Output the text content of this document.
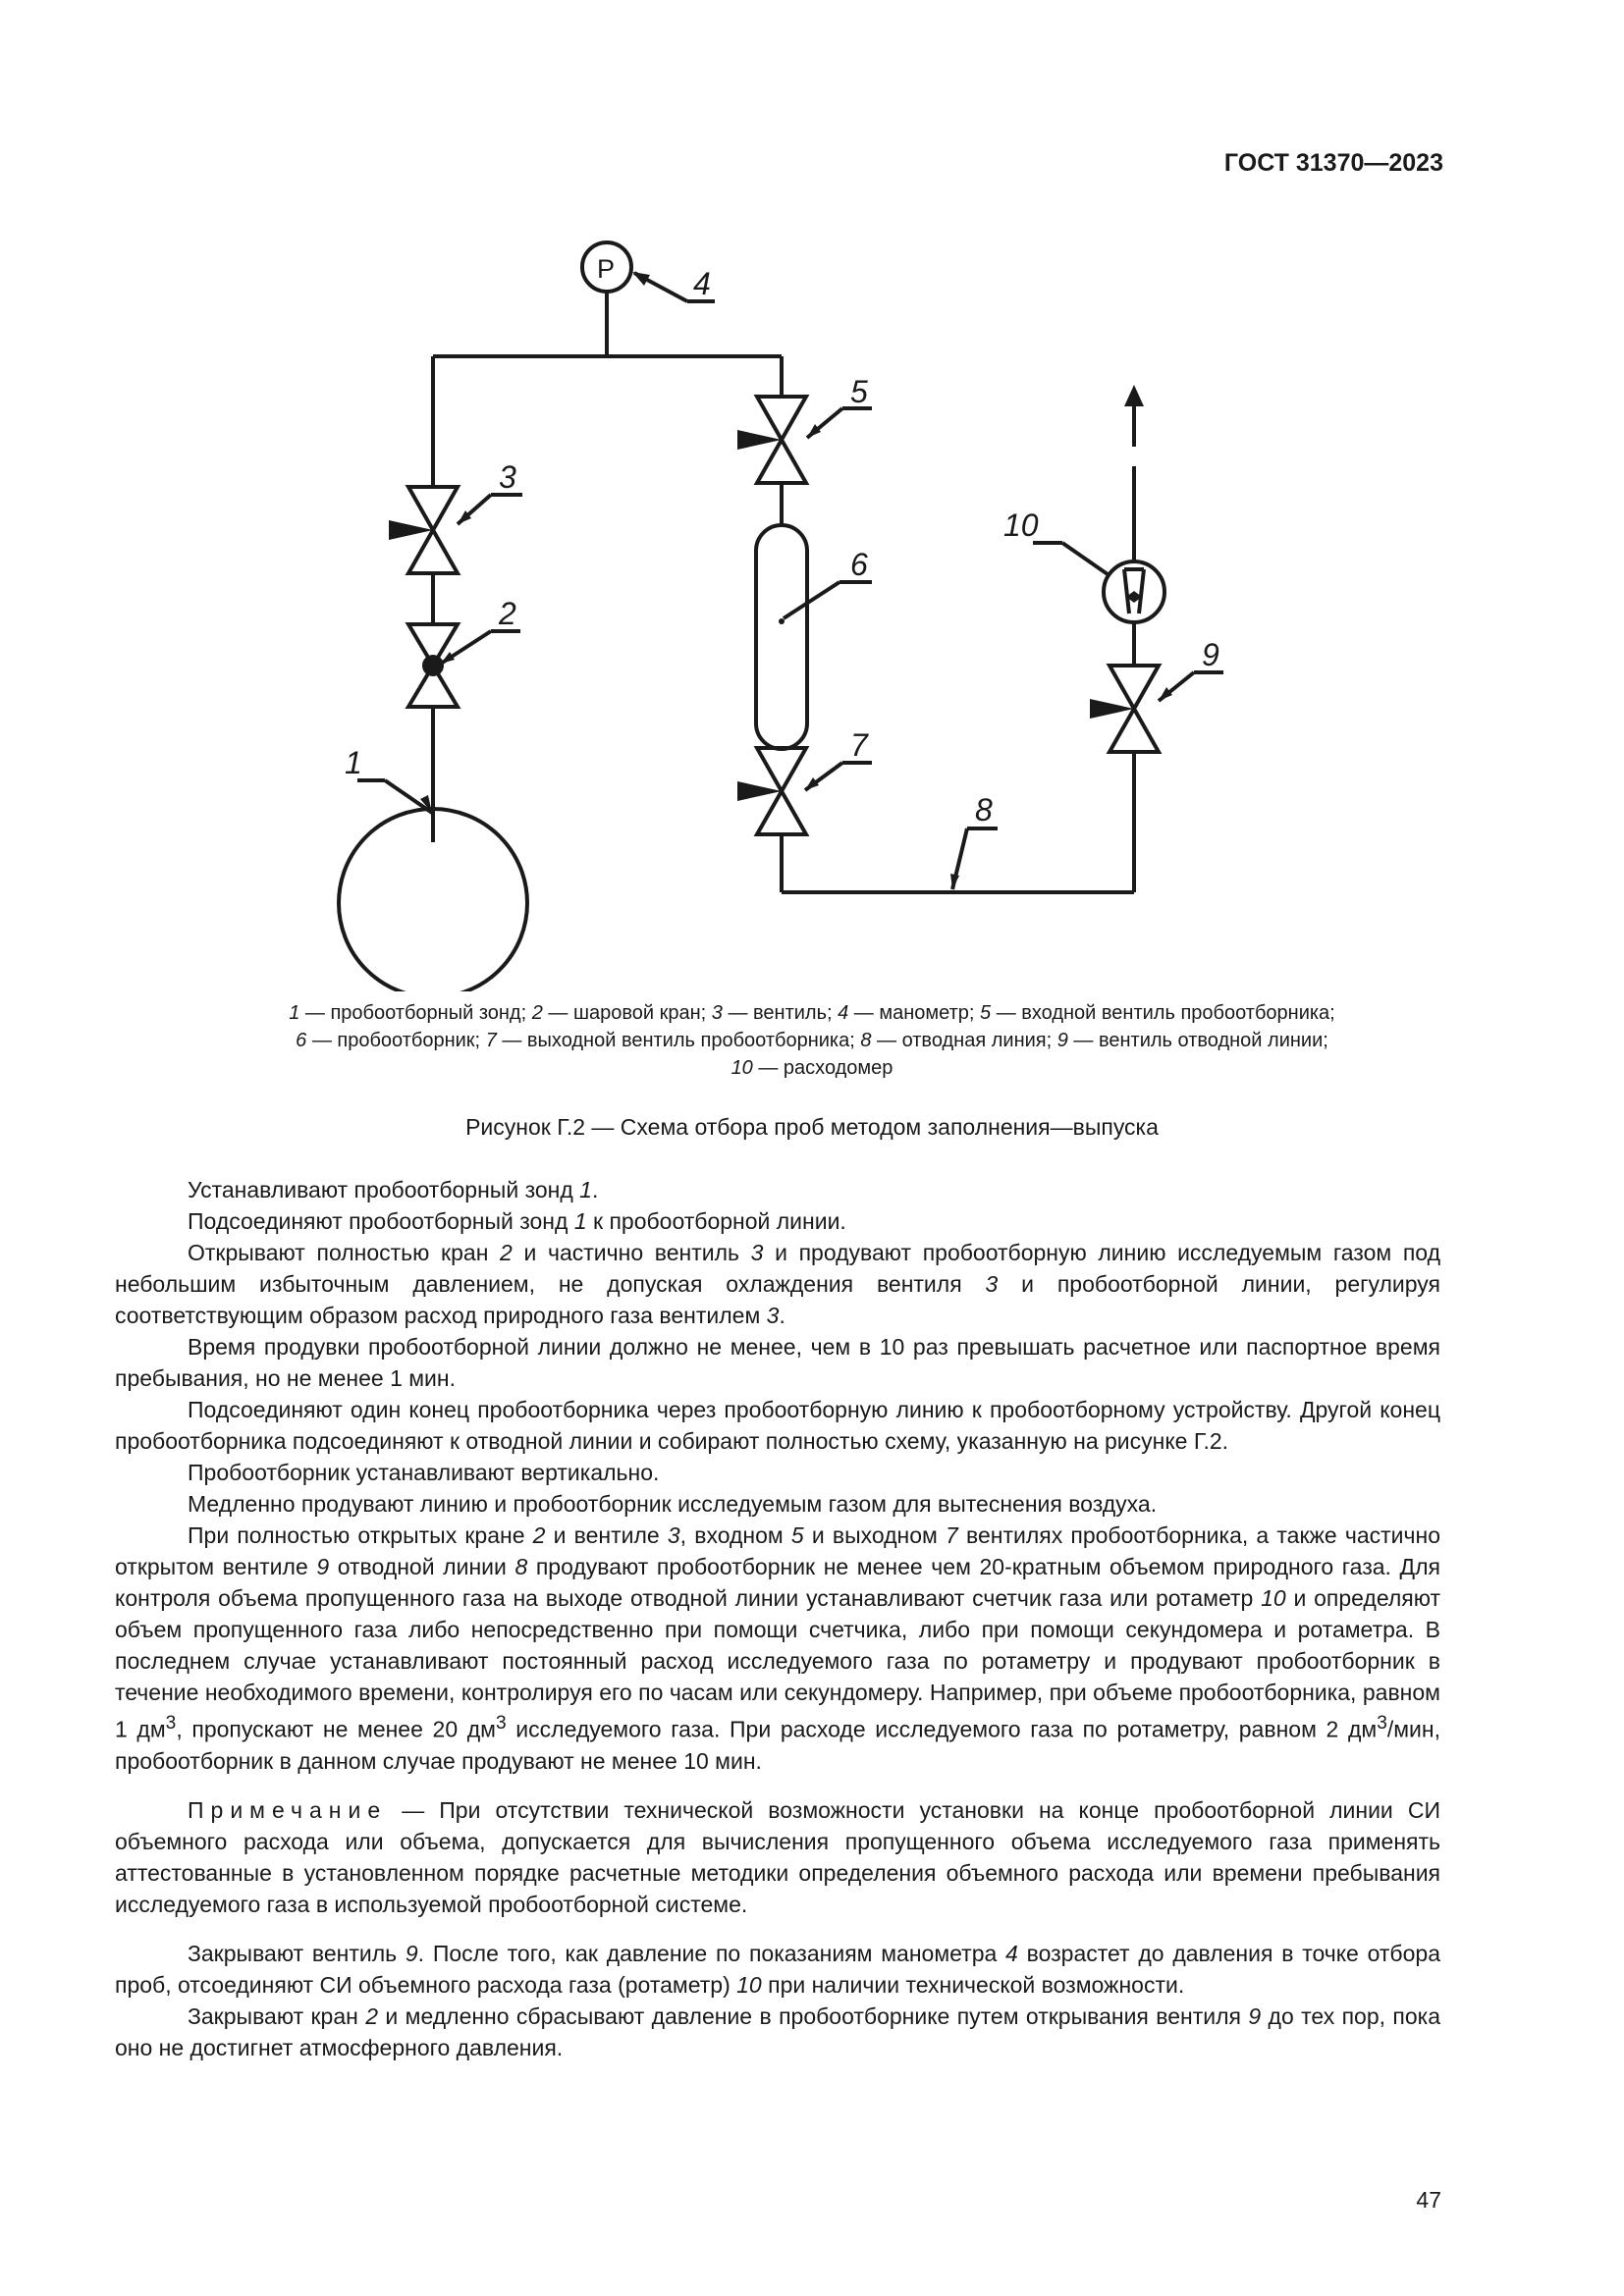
ГОСТ 31370—2023
P 4
3
2
1
5
6
7
8
9
10
1 — пробоотборный зонд; 2 — шаровой кран; 3 — вентиль; 4 — манометр; 5 — входной вентиль пробоотборника;
6 — пробоотборник; 7 — выходной вентиль пробоотборника; 8 — отводная линия; 9 — вентиль отводной линии;
10 — расходомер
Рисунок Г.2 — Схема отбора проб методом заполнения—выпуска

Устанавливают пробоотборный зонд 1.

Подсоединяют пробоотборный зонд 1 к пробоотборной линии.

Открывают полностью кран 2 и частично вентиль 3 и продувают пробоотборную линию исследуемым газом под небольшим избыточным давлением, не допуская охлаждения вентиля 3 и пробоотборной линии, регулируя соответствующим образом расход природного газа вентилем 3.

Время продувки пробоотборной линии должно не менее, чем в 10 раз превышать расчетное или паспортное время пребывания, но не менее 1 мин.

Подсоединяют один конец пробоотборника через пробоотборную линию к пробоотборному устройству. Другой конец пробоотборника подсоединяют к отводной линии и собирают полностью схему, указанную на рисунке Г.2.

Пробоотборник устанавливают вертикально.

Медленно продувают линию и пробоотборник исследуемым газом для вытеснения воздуха.

При полностью открытых кране 2 и вентиле 3, входном 5 и выходном 7 вентилях пробоотборника, а также частично открытом вентиле 9 отводной линии 8 продувают пробоотборник не менее чем 20-кратным объемом природного газа. Для контроля объема пропущенного газа на выходе отводной линии устанавливают счетчик газа или ротаметр 10 и определяют объем пропущенного газа либо непосредственно при помощи счетчика, либо при помощи секундомера и ротаметра. В последнем случае устанавливают постоянный расход исследуемого газа по ротаметру и продувают пробоотборник в течение необходимого времени, контролируя его по часам или секундомеру. Например, при объеме пробоотборника, равном 1 $дм^3$, пропускают не менее 20 $дм^3$ исследуемого газа. При расходе исследуемого газа по ротаметру, равном 2 $дм^3$/мин, пробоотборник в данном случае продувают не менее 10 мин.

Примечание — При отсутствии технической возможности установки на конце пробоотборной линии СИ объемного расхода или объема, допускается для вычисления пропущенного объема исследуемого газа применять аттестованные в установленном порядке расчетные методики определения объемного расхода или времени пребывания исследуемого газа в используемой пробоотборной системе.

Закрывают вентиль 9. После того, как давление по показаниям манометра 4 возрастет до давления в точке отбора проб, отсоединяют СИ объемного расхода газа (ротаметр) 10 при наличии технической возможности.

Закрывают кран 2 и медленно сбрасывают давление в пробоотборнике путем открывания вентиля 9 до тех пор, пока оно не достигнет атмосферного давления.

47
